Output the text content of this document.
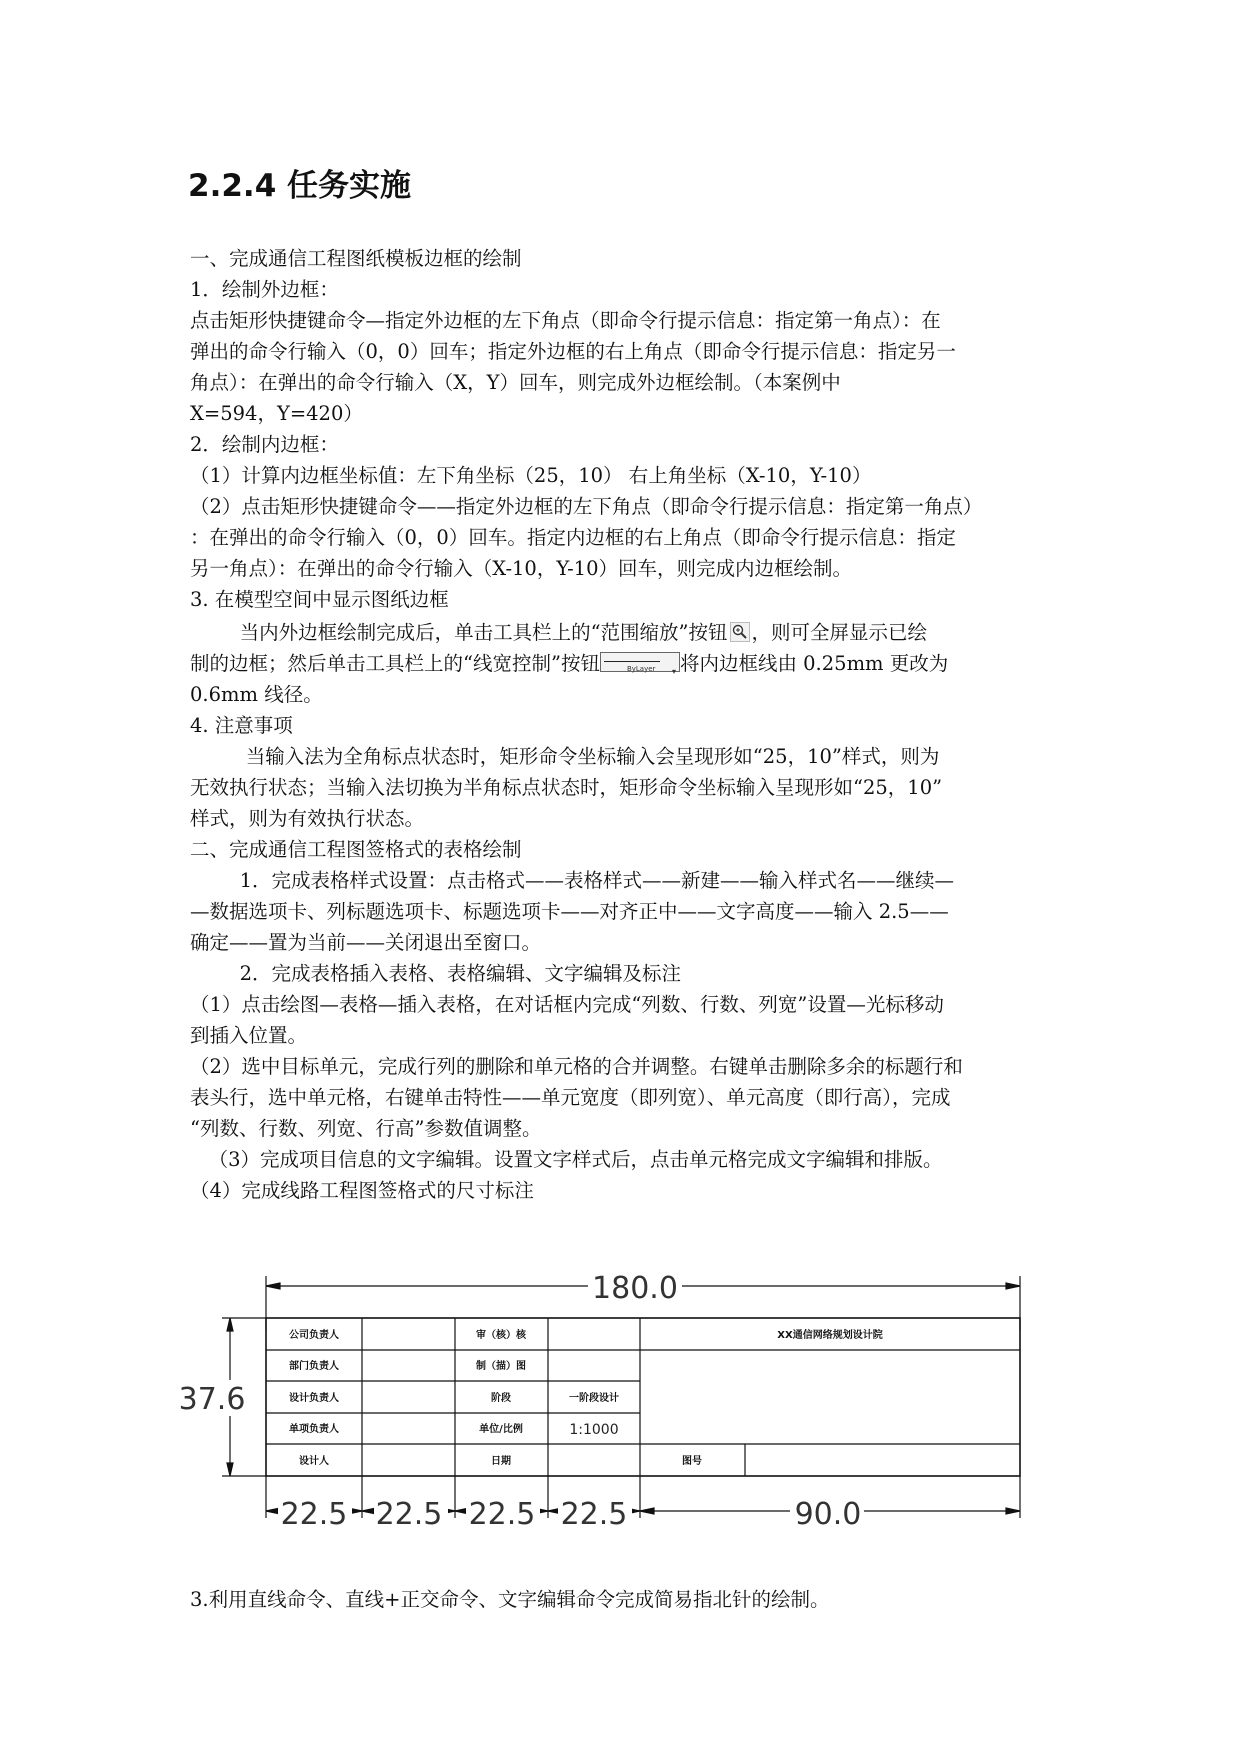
2.2.4 任务实施
一、完成通信工程图纸模板边框的绘制
1．绘制外边框：
点击矩形快捷键命令—指定外边框的左下角点（即命令行提示信息：指定第一角点）：在
弹出的命令行输入（0，0）回车；指定外边框的右上角点（即命令行提示信息：指定另一
角点）：在弹出的命令行输入（X，Y）回车，则完成外边框绘制。（本案例中
X=594，Y=420）
2．绘制内边框：
（1）计算内边框坐标值：左下角坐标（25，10） 右上角坐标（X-10，Y-10）
（2）点击矩形快捷键命令——指定外边框的左下角点（即命令行提示信息：指定第一角点）
：在弹出的命令行输入（0，0）回车。指定内边框的右上角点（即命令行提示信息：指定
另一角点）：在弹出的命令行输入（X-10，Y-10）回车，则完成内边框绘制。
3. 在模型空间中显示图纸边框
当内外边框绘制完成后，单击工具栏上的“范围缩放”按钮 ，则可全屏显示已绘
制的边框；然后单击工具栏上的“线宽控制”按钮	ByLayer ▾ 将内边框线由 0.25mm 更改为
0.6mm 线径。
4. 注意事项
当输入法为全角标点状态时，矩形命令坐标输入会呈现形如“25，10”样式，则为
无效执行状态；当输入法切换为半角标点状态时，矩形命令坐标输入呈现形如“25，10”
样式，则为有效执行状态。
二、完成通信工程图签格式的表格绘制
1．完成表格样式设置：点击格式——表格样式——新建——输入样式名——继续—
—数据选项卡、列标题选项卡、标题选项卡——对齐正中——文字高度——输入 2.5——
确定——置为当前——关闭退出至窗口。
2．完成表格插入表格、表格编辑、文字编辑及标注
（1）点击绘图—表格—插入表格，在对话框内完成“列数、行数、列宽”设置—光标移动
到插入位置。
（2）选中目标单元，完成行列的删除和单元格的合并调整。右键单击删除多余的标题行和
表头行，选中单元格，右键单击特性——单元宽度（即列宽）、单元高度（即行高），完成
“列数、行数、列宽、行高”参数值调整。
（3）完成项目信息的文字编辑。设置文字样式后，点击单元格完成文字编辑和排版。
（4）完成线路工程图签格式的尺寸标注
180.0
37.6
22.5 22.5 22.5 22.5	90.0
公司负责人
部门负责人
设计负责人
单项负责人
设计人
审（核）核
制（描）图
阶段
单位/比例
日期
一阶段设计
XX通信网络规划设计院
图号
1:1000
3.利用直线命令、直线+正交命令、文字编辑命令完成简易指北针的绘制。
